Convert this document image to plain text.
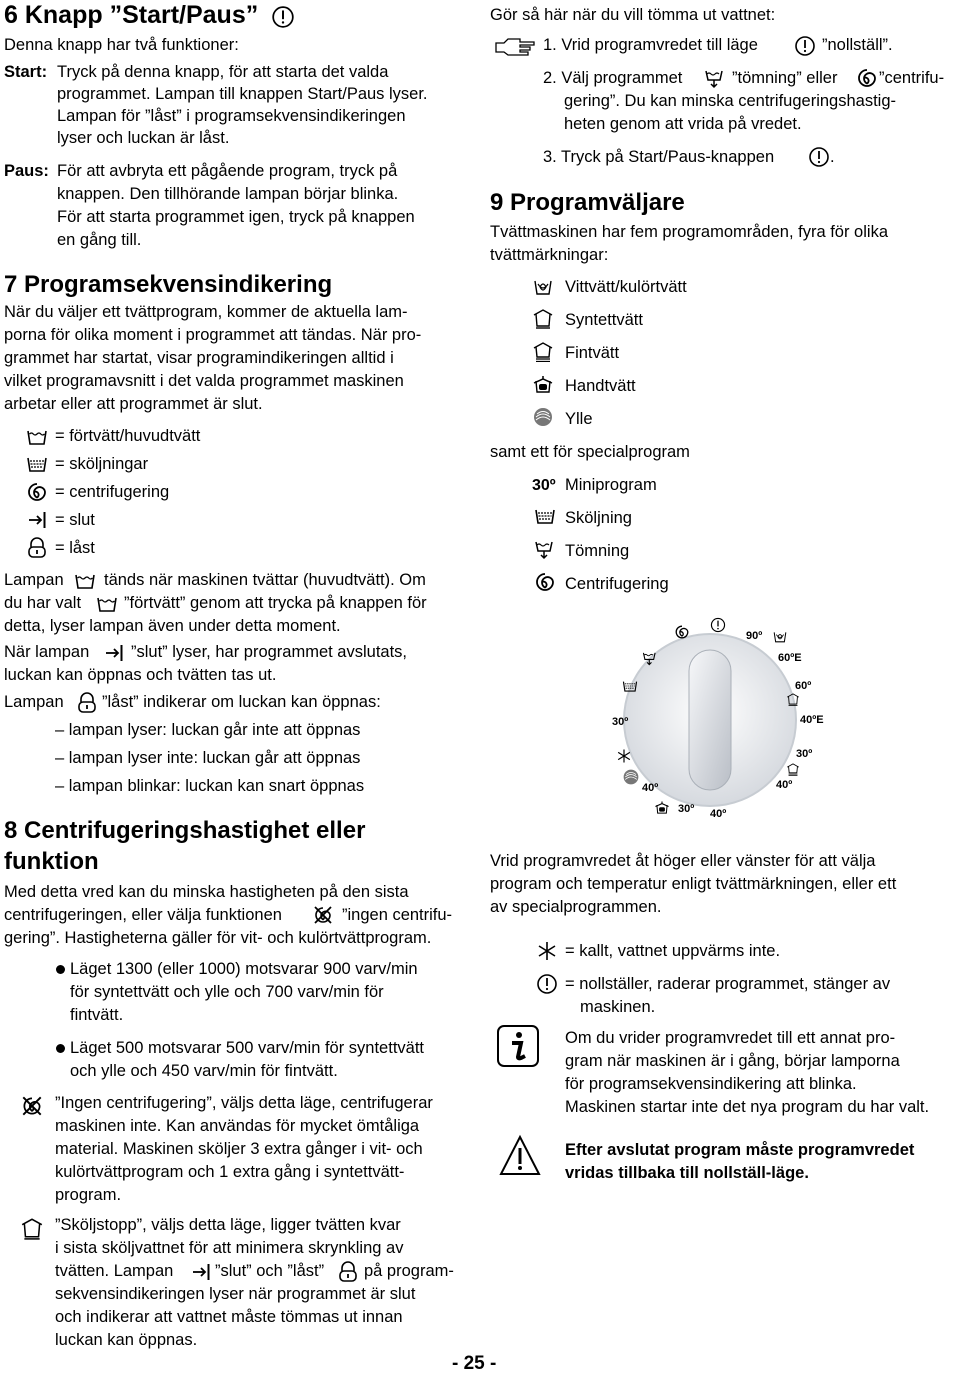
6 Knapp ”Start/Paus”
Denna knapp har två funktioner:
Start: Tryck på denna knapp, för att starta det valda
programmet. Lampan till knappen Start/Paus lyser.
Lampan för ”låst” i programsekvensindikeringen
lyser och luckan är låst.
Paus: För att avbryta ett pågående program, tryck på
knappen. Den tillhörande lampan börjar blinka.
För att starta programmet igen, tryck på knappen
en gång till.
7 Programsekvensindikering
När du väljer ett tvättprogram, kommer de aktuella lam-
porna för olika moment i programmet att tändas. När pro-
grammet har startat, visar programindikeringen alltid i
vilket programavsnitt i det valda programmet maskinen
arbetar eller att programmet är slut.
= förtvätt/huvudtvätt
= sköljningar
= centrifugering
= slut
= låst
Lampan tänds när maskinen tvättar (huvudtvätt). Om
du har valt	”förtvätt” genom att trycka på knappen för
detta, lyser lampan även under detta moment.
När lampan	”slut” lyser, har programmet avslutats,
luckan kan öppnas och tvätten tas ut.
Lampan ”låst” indikerar om luckan kan öppnas:
– lampan lyser: luckan går inte att öppnas
– lampan lyser inte: luckan går att öppnas
– lampan blinkar: luckan kan snart öppnas
8 Centrifugeringshastighet eller
funktion
Med detta vred kan du minska hastigheten på den sista
centrifugeringen, eller välja funktionen	”ingen centrifu-
gering”. Hastigheterna gäller för vit- och kulörtvättprogram.
Läget 1300 (eller 1000) motsvarar 900 varv/min
för syntettvätt och ylle och 700 varv/min för
fintvätt.
Läget 500 motsvarar 500 varv/min för syntettvätt
och ylle och 450 varv/min för fintvätt.
”Ingen centrifugering”, väljs detta läge, centrifugerar
maskinen inte. Kan användas för mycket ömtåliga
material. Maskinen sköljer 3 extra gånger i vit- och
kulörtvättprogram och 1 extra gång i syntettvätt-
program.
”Sköljstopp”, väljs detta läge, ligger tvätten kvar
i sista sköljvattnet för att minimera skrynkling av
tvätten. Lampan	”slut” och ”låst” på program-
sekvensindikeringen lyser när programmet är slut
och indikerar att vattnet måste tömmas ut innan
luckan kan öppnas.
- 25 -
Gör så här när du vill tömma ut vattnet:
1. Vrid programvredet till läge	”nollställ”.
2. Välj programmet	”tömning” eller	”centrifu-
gering”. Du kan minska centrifugeringshastig-
heten genom att vrida på vredet.
3. Tryck på Start/Paus-knappen	.
9 Programväljare
Tvättmaskinen har fem programområden, fyra för olika
tvättmärkningar:
Vittvätt/kulörtvätt
Syntettvätt
Fintvätt
Handtvätt
Ylle
samt ett för specialprogram
30º Miniprogram
Sköljning
Tömning
Centrifugering
90º
60ºE
60º
40ºE
30º
40º
40º
30º
40º
30º
Vrid programvredet åt höger eller vänster för att välja
program och temperatur enligt tvättmärkningen, eller ett
av specialprogrammen.
= kallt, vattnet uppvärms inte.
= nollställer, raderar programmet, stänger av
maskinen.
Om du vrider programvredet till ett annat pro-
gram när maskinen är i gång, börjar lamporna
för programsekvensindikering att blinka.
Maskinen startar inte det nya program du har valt.
Efter avslutat program måste programvredet
vridas tillbaka till nollställ-läge.
